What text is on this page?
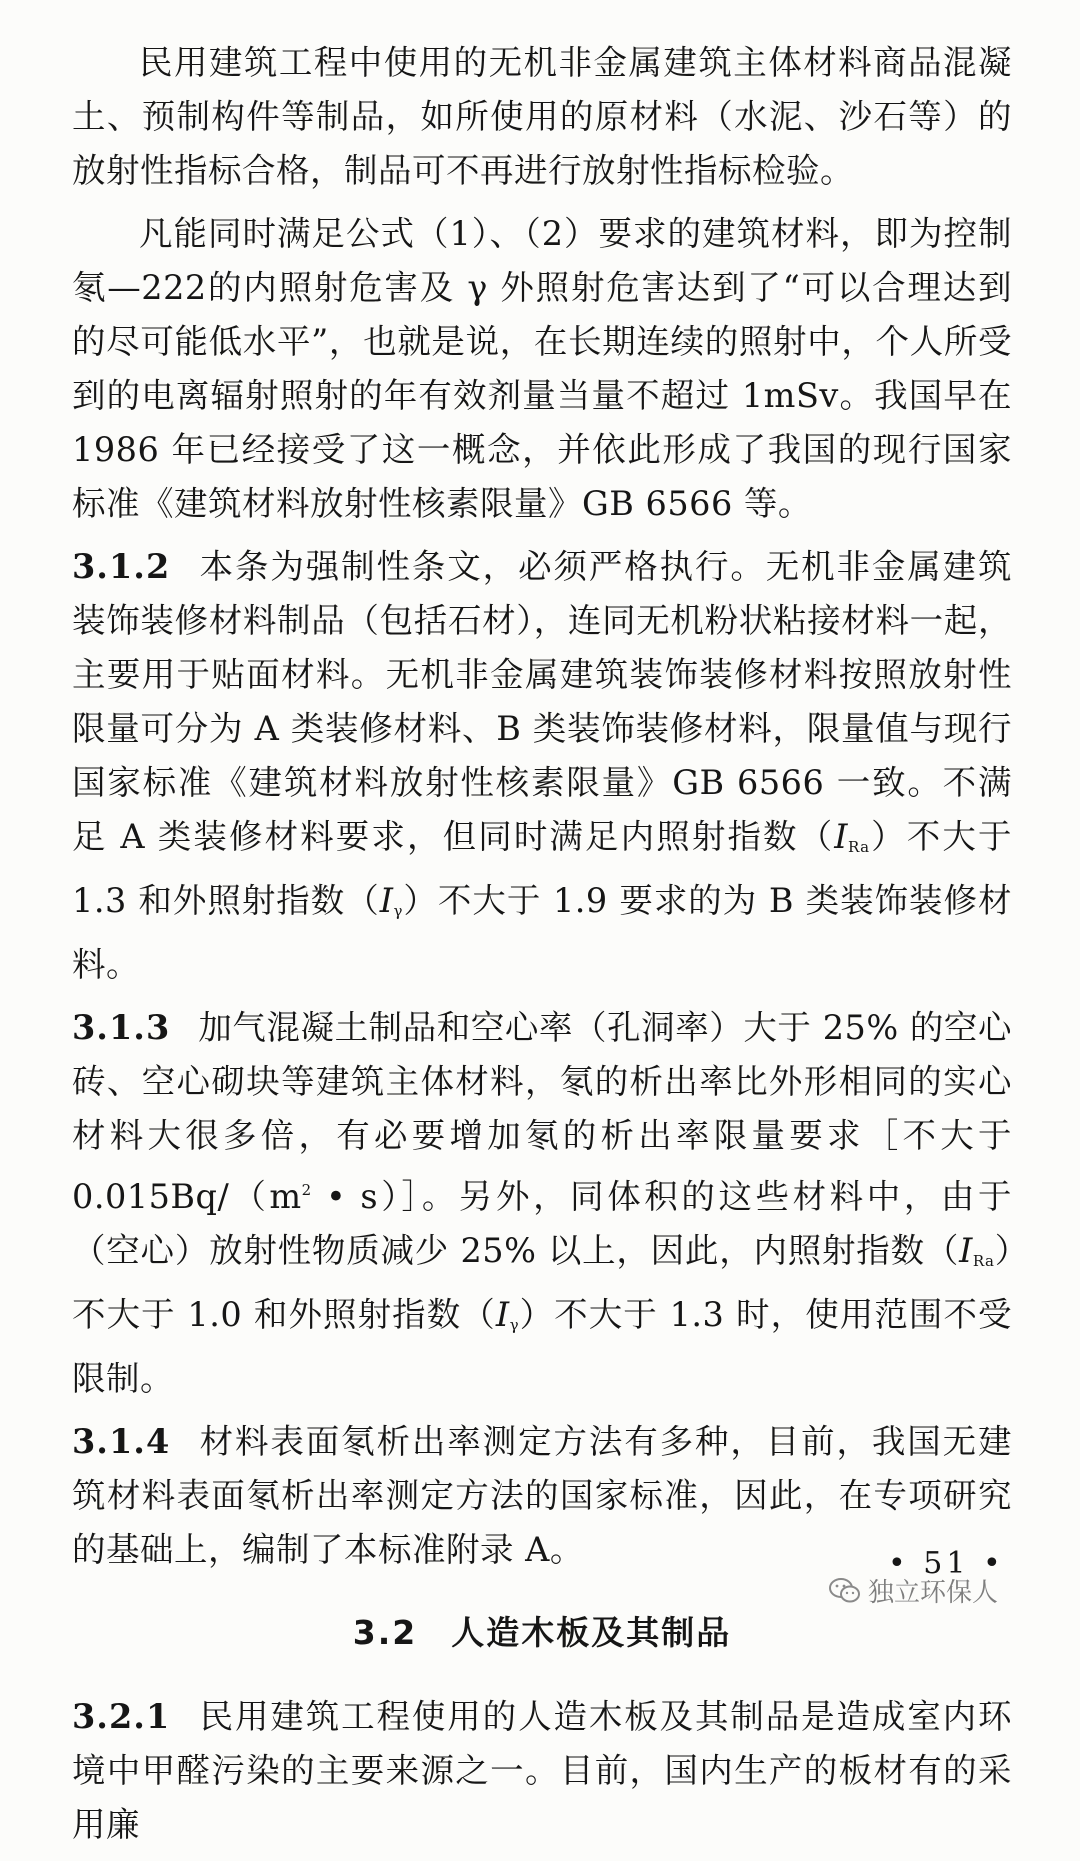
民用建筑工程中使用的无机非金属建筑主体材料商品混凝土、预制构件等制品，如所使用的原材料（水泥、沙石等）的放射性指标合格，制品可不再进行放射性指标检验。

凡能同时满足公式（1）、（2）要求的建筑材料，即为控制氡—222的内照射危害及 γ 外照射危害达到了“可以合理达到的尽可能低水平”，也就是说，在长期连续的照射中，个人所受到的电离辐射照射的年有效剂量当量不超过 1mSv。我国早在 1986 年已经接受了这一概念，并依此形成了我国的现行国家标准《建筑材料放射性核素限量》GB 6566 等。

3.1.2 本条为强制性条文，必须严格执行。无机非金属建筑装饰装修材料制品（包括石材），连同无机粉状粘接材料一起，主要用于贴面材料。无机非金属建筑装饰装修材料按照放射性限量可分为 A 类装修材料、B 类装饰装修材料，限量值与现行国家标准《建筑材料放射性核素限量》GB 6566 一致。不满足 A 类装修材料要求，但同时满足内照射指数$(I_{Ra})$不大于 1.3 和外照射指数$(I_\gamma)$不大于 1.9 要求的为 B 类装饰装修材料。

3.1.3 加气混凝土制品和空心率（孔洞率）大于 25% 的空心砖、空心砌块等建筑主体材料，氡的析出率比外形相同的实心材料大很多倍，有必要增加氡的析出率限量要求［不大于 $0.015Bq/(m^2$ • s）］。另外，同体积的这些材料中，由于（空心）放射性物质减少 25% 以上，因此，内照射指数$(I_{Ra})$不大于 1.0 和外照射指数$(I_\gamma)$不大于 1.3 时，使用范围不受限制。

3.1.4 材料表面氡析出率测定方法有多种，目前，我国无建筑材料表面氡析出率测定方法的国家标准，因此，在专项研究的基础上，编制了本标准附录 A。

3.2 人造木板及其制品

3.2.1 民用建筑工程使用的人造木板及其制品是造成室内环境中甲醛污染的主要来源之一。目前，国内生产的板材有的采用廉

• 51 •
独立环保人
